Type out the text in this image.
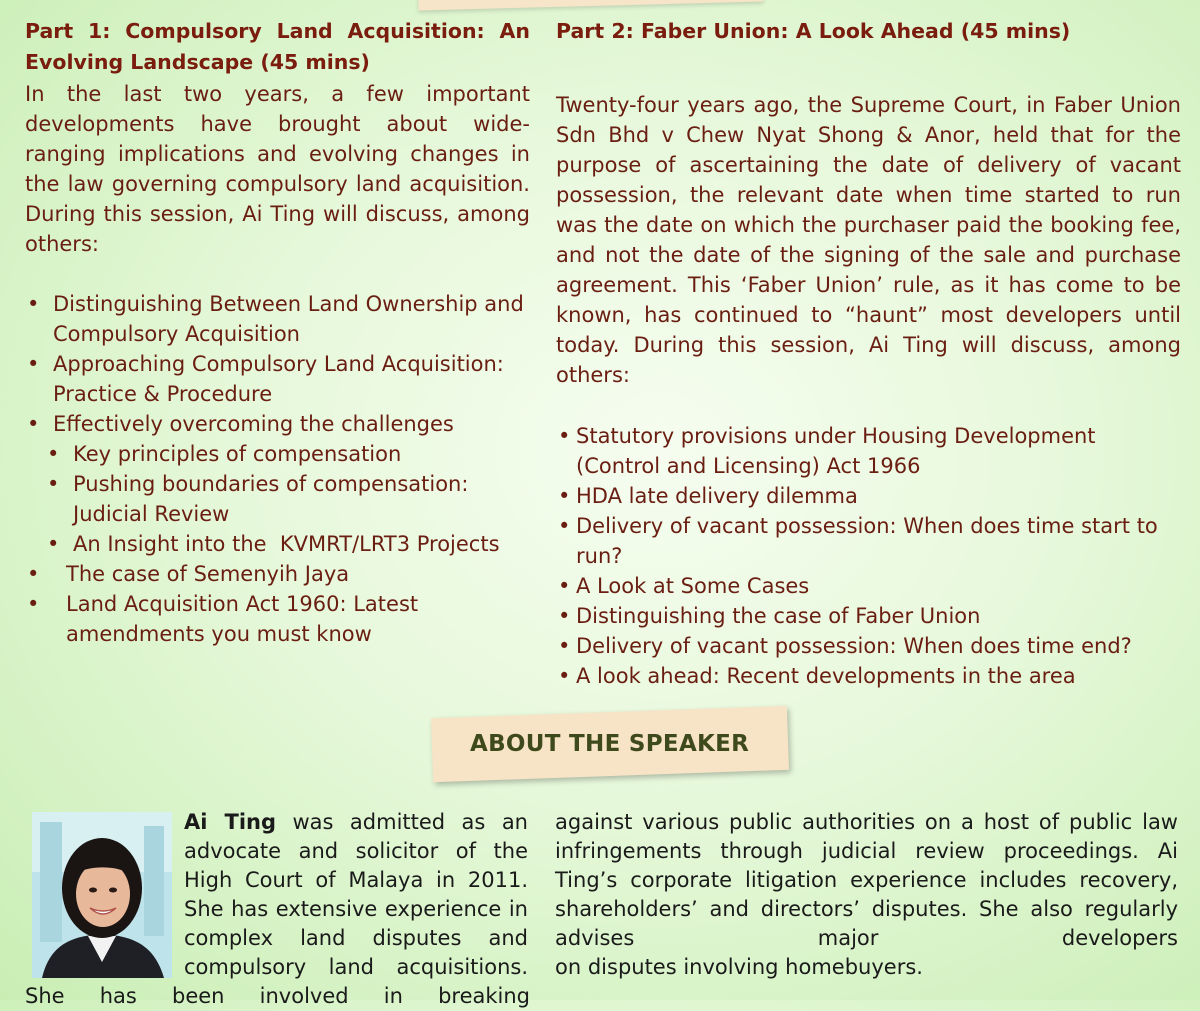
Part 1: Compulsory Land Acquisition: An Evolving Landscape (45 mins)

In the last two years, a few important developments have brought about wide-ranging implications and evolving changes in the law governing compulsory land acquisition. During this session, Ai Ting will discuss, among others:

• Distinguishing Between Land Ownership and Compulsory Acquisition
• Approaching Compulsory Land Acquisition: Practice & Procedure
• Effectively overcoming the challenges
• Key principles of compensation
• Pushing boundaries of compensation: Judicial Review
• An Insight into the  KVMRT/LRT3 Projects
• The case of Semenyih Jaya
• Land Acquisition Act 1960: Latest amendments you must know
Part 2: Faber Union: A Look Ahead (45 mins)

Twenty-four years ago, the Supreme Court, in Faber Union Sdn Bhd v Chew Nyat Shong & Anor, held that for the purpose of ascertaining the date of delivery of vacant possession, the relevant date when time started to run was the date on which the purchaser paid the booking fee, and not the date of the signing of the sale and purchase agreement. This ‘Faber Union’ rule, as it has come to be known, has continued to “haunt” most developers until today. During this session, Ai Ting will discuss, among others:

• Statutory provisions under Housing Development (Control and Licensing) Act 1966
• HDA late delivery dilemma
• Delivery of vacant possession: When does time start to run?
• A Look at Some Cases
• Distinguishing the case of Faber Union
• Delivery of vacant possession: When does time end?
• A look ahead: Recent developments in the area
ABOUT THE SPEAKER

Ai Ting was admitted as an advocate and solicitor of the High Court of Malaya in 2011. She has extensive experience in complex land disputes and compulsory land acquisitions.

She has been involved in breaking

against various public authorities on a host of public law infringements through judicial review proceedings. Ai Ting’s corporate litigation experience includes recovery, shareholders’ and directors’ disputes. She also regularly advises major developers

on disputes involving homebuyers.
